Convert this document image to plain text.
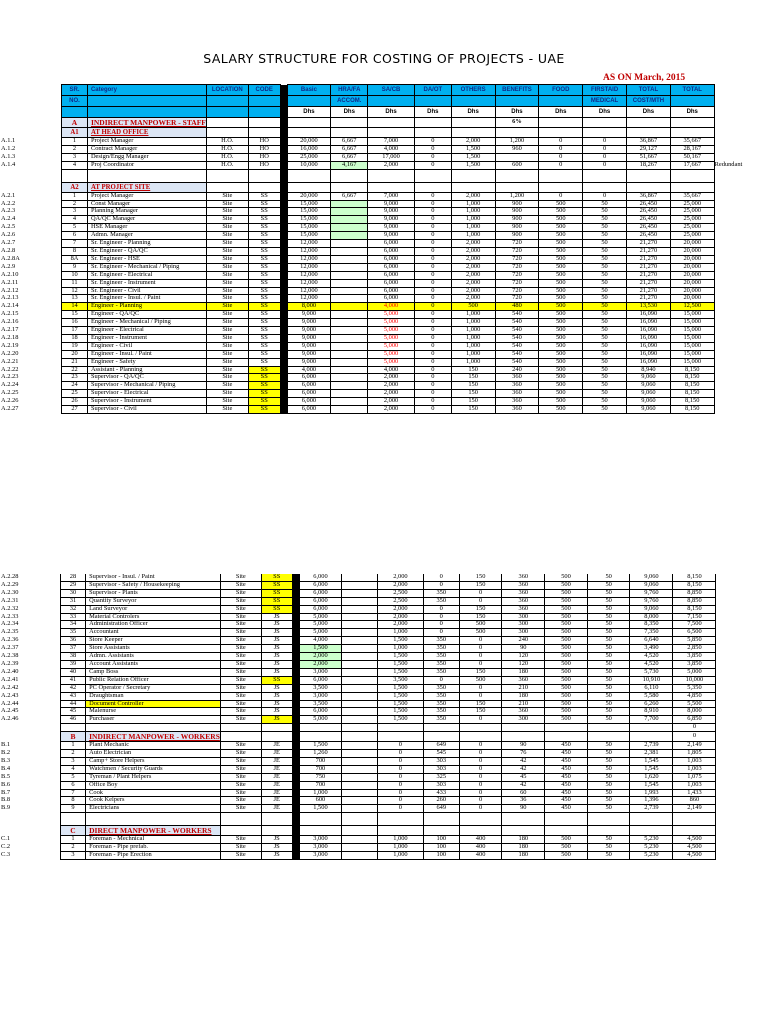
SALARY STRUCTURE FOR COSTING OF PROJECTS - UAE
AS ON March, 2015
	SR.	Category	LOCATION	CODE		Basic	HRA/FA	SA/CB	DA/OT	OTHERS	BENEFITS	FOOD	FIRSTAID	TOTAL	TOTAL	
	NO.						ACCOM.						MEDICAL	COST/MTH		
						Dhs	Dhs	Dhs	Dhs	Dhs	Dhs	Dhs	Dhs	Dhs	Dhs	
	A	INDIRECT MANPOWER - STAFF									6%					
	A1	AT HEAD OFFICE														
A.1.1	1	Project Manager	H.O.	HO		20,000	6,667	7,000	0	2,000	1,200	0	0	36,867	35,667	
A.1.2	2	Contract Manager	H.O.	HO		16,000	6,667	4,000	0	1,500	960	0	0	29,127	28,167	
A.1.3	3	Design/Engg Manager	H.O.	HO		25,000	6,667	17,000	0	1,500		0	0	51,667	50,167	
A.1.4	4	Proj Coordinator	H.O.	HO		10,000	4,167	2,000	0	1,500	600	0	0	18,267	17,667	Redundant

	A2	AT PROJECT SITE														
A.2.1	1	Project Manager	Site	SS		20,000	6,667	7,000	0	2,000	1,200	0	0	36,867	35,667	
A.2.2	2	Const Manager	Site	SS		15,000		9,000	0	1,000	900	500	50	26,450	25,000	
A.2.3	3	Planning Manager	Site	SS		15,000		9,000	0	1,000	900	500	50	26,450	25,000	
A.2.4	4	QA/QC Manager	Site	SS		15,000		9,000	0	1,000	900	500	50	26,450	25,000	
A.2.5	5	HSE Manager	Site	SS		15,000		9,000	0	1,000	900	500	50	26,450	25,000	
A.2.6	6	Admn. Manager	Site	SS		15,000		9,000	0	1,000	900	500	50	26,450	25,000	
A.2.7	7	Sr. Engineer - Planning	Site	SS		12,000		6,000	0	2,000	720	500	50	21,270	20,000	
A.2.8	8	Sr. Engineer - QA/QC	Site	SS		12,000		6,000	0	2,000	720	500	50	21,270	20,000	
A.2.8A	8A	Sr. Engineer - HSE	Site	SS		12,000		6,000	0	2,000	720	500	50	21,270	20,000	
A.2.9	9	Sr. Engineer - Mechanical / Piping	Site	SS		12,000		6,000	0	2,000	720	500	50	21,270	20,000	
A.2.10	10	Sr. Engineer - Electrical	Site	SS		12,000		6,000	0	2,000	720	500	50	21,270	20,000	
A.2.11	11	Sr. Engineer - Instrument	Site	SS		12,000		6,000	0	2,000	720	500	50	21,270	20,000	
A.2.12	12	Sr. Engineer - Civil	Site	SS		12,000		6,000	0	2,000	720	500	50	21,270	20,000	
A.2.13	13	Sr. Engineer - Insul. / Paint	Site	SS		12,000		6,000	0	2,000	720	500	50	21,270	20,000	
A.2.14	14	Engineer - Planning	Site	SS		8,000		4,000	0	500	480	500	50	13,530	12,500	
A.2.15	15	Engineer - QA/QC	Site	SS		9,000		5,000	0	1,000	540	500	50	16,090	15,000	
A.2.16	16	Engineer - Mechanical / Piping	Site	SS		9,000		5,000	0	1,000	540	500	50	16,090	15,000	
A.2.17	17	Engineer - Electrical	Site	SS		9,000		5,000	0	1,000	540	500	50	16,090	15,000	
A.2.18	18	Engineer - Instrument	Site	SS		9,000		5,000	0	1,000	540	500	50	16,090	15,000	
A.2.19	19	Engineer - Civil	Site	SS		9,000		5,000	0	1,000	540	500	50	16,090	15,000	
A.2.20	20	Engineer - Insul. / Paint	Site	SS		9,000		5,000	0	1,000	540	500	50	16,090	15,000	
A.2.21	21	Engineer - Safety	Site	SS		9,000		5,000	0	1,000	540	500	50	16,090	15,000	
A.2.22	22	Assistant - Planning	Site	SS		4,000		4,000	0	150	240	500	50	8,940	8,150	
A.2.23	23	Supervisor - QA/QC	Site	SS		6,000		2,000	0	150	360	500	50	9,060	8,150	
A.2.24	24	Supervisor - Mechanical / Piping	Site	SS		6,000		2,000	0	150	360	500	50	9,060	8,150	
A.2.25	25	Supervisor - Electrical	Site	SS		6,000		2,000	0	150	360	500	50	9,060	8,150	
A.2.26	26	Supervisor - Instrument	Site	SS		6,000		2,000	0	150	360	500	50	9,060	8,150	
A.2.27	27	Supervisor - Civil	Site	SS		6,000		2,000	0	150	360	500	50	9,060	8,150	
A.2.28	28	Supervisor - Insul. / Paint	Site	SS		6,000		2,000	0	150	360	500	50	9,060	8,150	
A.2.29	29	Supervisor - Safety / Housekeeping	Site	SS		6,000		2,000	0	150	360	500	50	9,060	8,150	
A.2.30	30	Supervisor - Plants	Site	SS		6,000		2,500	350	0	360	500	50	9,760	8,850	
A.2.31	31	Quantity Surveyor	Site	SS		6,000		2,500	350	0	360	500	50	9,760	8,850	
A.2.32	32	Land Surveyor	Site	SS		6,000		2,000	0	150	360	500	50	9,060	8,150	
A.2.33	33	Material Controlers	Site	JS		5,000		2,000	0	150	300	500	50	8,000	7,150	
A.2.34	34	Administration Officer	Site	JS		5,000		2,000	0	500	300	500	50	8,350	7,500	
A.2.35	35	Accountant	Site	JS		5,000		1,000	0	500	300	500	50	7,350	6,500	
A.2.36	36	Store Keeper	Site	JS		4,000		1,500	350	0	240	500	50	6,640	5,850	
A.2.37	37	Store Assistants	Site	JS		1,500		1,000	350	0	90	500	50	3,490	2,850	
A.2.38	38	Admn. Assistants	Site	JS		2,000		1,500	350	0	120	500	50	4,520	3,850	
A.2.39	39	Account Assistants	Site	JS		2,000		1,500	350	0	120	500	50	4,520	3,850	
A.2.40	40	Camp Boss	Site	JS		3,000		1,500	350	150	180	500	50	5,730	5,000	
A.2.41	41	Public Relation Officer	Site	SS		6,000		3,500	0	500	360	500	50	10,910	10,000	
A.2.42	42	PC Operator / Secretary	Site	JS		3,500		1,500	350	0	210	500	50	6,110	5,350	
A.2.43	43	Draughtsman	Site	JS		3,000		1,500	350	0	180	500	50	5,580	4,850	
A.2.44	44	Document Controller	Site	JS		3,500		1,500	350	150	210	500	50	6,260	5,500	
A.2.45	45	Malenurse	Site	JS		6,000		1,500	350	150	360	500	50	8,910	8,000	
A.2.46	46	Purchaser	Site	JS		5,000		1,500	350	0	300	500	50	7,700	6,850	
															0	
	B	INDIRECT MANPOWER - WORKERS													0	
B.1	1	Plant Mechanic	Site	JE		1,500		0	649	0	90	450	50	2,739	2,149	
B.2	2	Auto Electrician	Site	JE		1,260		0	545	0	76	450	50	2,381	1,805	
B.3	3	Camp+ Store Helpers	Site	JE		700		0	303	0	42	450	50	1,545	1,003	
B.4	4	Watchmen / Security Guards	Site	JE		700		0	303	0	42	450	50	1,545	1,003	
B.5	5	Tyreman / Plant Helpers	Site	JE		750		0	325	0	45	450	50	1,620	1,075	
B.6	6	Office Boy	Site	JE		700		0	303	0	42	450	50	1,545	1,003	
B.7	7	Cook	Site	JE		1,000		0	433	0	60	450	50	1,993	1,433	
B.8	8	Cook Kelpers	Site	JE		600		0	260	0	36	450	50	1,396	860	
B.9	9	Electricians	Site	JE		1,500		0	649	0	90	450	50	2,739	2,149	

	C	DIRECT MANPOWER - WORKERS														
C.1	1	Foreman - Mechnical	Site	JS		3,000		1,000	100	400	180	500	50	5,230	4,500	
C.2	2	Foreman - Pipe prefab.	Site	JS		3,000		1,000	100	400	180	500	50	5,230	4,500	
C.3	3	Foreman - Pipe Erection	Site	JS		3,000		1,000	100	400	180	500	50	5,230	4,500	
